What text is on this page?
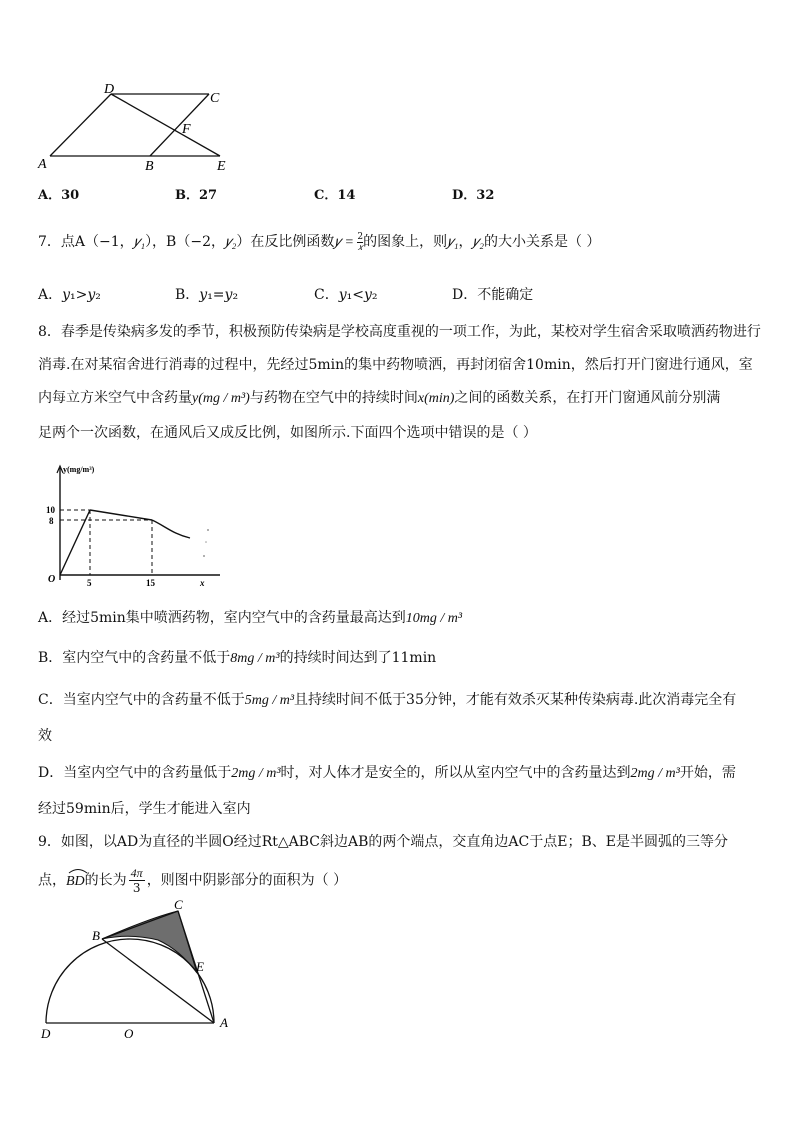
D
C
F
A	B	E
A．30	B．27	C．14	D．32
7．点A（−1，𝑦₁），B（−2，𝑦₂）在反比例函数𝑦 = 2
𝑥 的图象上，则𝑦₁，𝑦₂的大小关系是（ ）
A．𝑦₁>𝑦₂	B．𝑦₁=𝑦₂	C．𝑦₁<𝑦₂	D．不能确定
8．春季是传染病多发的季节，积极预防传染病是学校高度重视的一项工作，为此，某校对学生宿舍采取喷洒药物进行
消毒.在对某宿舍进行消毒的过程中，先经过5min的集中药物喷洒，再封闭宿舍10min，然后打开门窗进行通风，室
内每立方米空气中含药量y(mg / m³)与药物在空气中的持续时间x(min)之间的函数关系，在打开门窗通风前分别满
足两个一次函数，在通风后又成反比例，如图所示.下面四个选项中错误的是（ ）
y(mg/m³)
10
8
O	5	15	x
A．经过5min集中喷洒药物，室内空气中的含药量最高达到10mg / m³
B．室内空气中的含药量不低于8mg / m³的持续时间达到了11min
C．当室内空气中的含药量不低于5mg / m³且持续时间不低于35分钟，才能有效杀灭某种传染病毒.此次消毒完全有
效
D．当室内空气中的含药量低于2mg / m³时，对人体才是安全的，所以从室内空气中的含药量达到2mg / m³开始，需
经过59min后，学生才能进入室内
9．如图，以AD为直径的半圆O经过Rt△ABC斜边AB的两个端点，交直角边AC于点E；B、E是半圆弧的三等分
点，BD的长为 $\frac{4\pi}{3}$ ，则图中阴影部分的面积为（ ）
B
C
E
D	O
A
